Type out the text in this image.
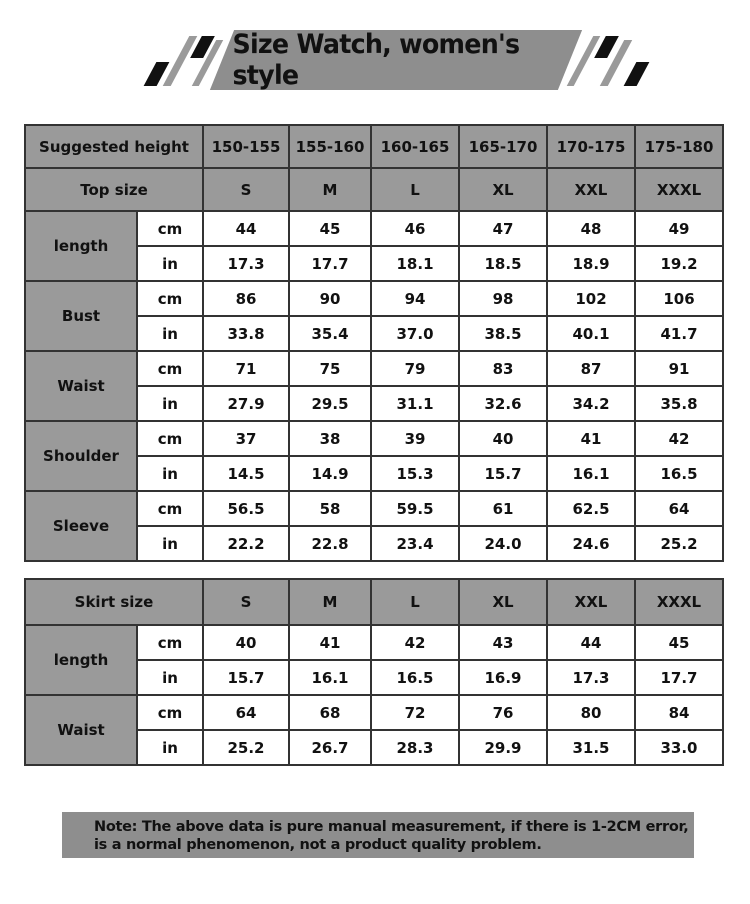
Size Watch, women's style
Suggested height		150-155	155-160	160-165	165-170	170-175	175-180
Top size		S	M	L	XL	XXL	XXXL
length	cm	44	45	46	47	48	49
	in	17.3	17.7	18.1	18.5	18.9	19.2
Bust	cm	86	90	94	98	102	106
	in	33.8	35.4	37.0	38.5	40.1	41.7
Waist	cm	71	75	79	83	87	91
	in	27.9	29.5	31.1	32.6	34.2	35.8
Shoulder	cm	37	38	39	40	41	42
	in	14.5	14.9	15.3	15.7	16.1	16.5
Sleeve	cm	56.5	58	59.5	61	62.5	64
	in	22.2	22.8	23.4	24.0	24.6	25.2
Skirt size		S	M	L	XL	XXL	XXXL
length	cm	40	41	42	43	44	45
	in	15.7	16.1	16.5	16.9	17.3	17.7
Waist	cm	64	68	72	76	80	84
	in	25.2	26.7	28.3	29.9	31.5	33.0
Note: The above data is pure manual measurement, if there is 1-2CM error,
is a normal phenomenon, not a product quality problem.
